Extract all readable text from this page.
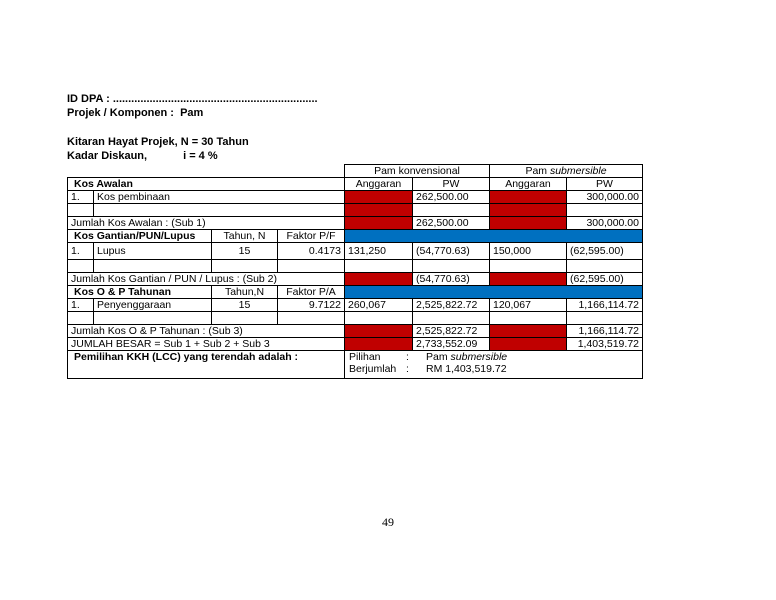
ID DPA : ...................................................................
Projek / Komponen :  Pam
Kitaran Hayat Projek, N = 30 Tahun
Kadar Diskaun,	i = 4 %
				Pam konvensional		Pam submersible	
Kos Awalan				Anggaran	PW	Anggaran	PW
1.	Kos pembinaan				262,500.00		300,000.00

Jumlah Kos Awalan : (Sub 1)					262,500.00		300,000.00
Kos Gantian/PUN/Lupus		Tahun, N	Faktor P/F				
1.	Lupus	15	0.4173	131,250	(54,770.63)	150,000	(62,595.00)

Jumlah Kos Gantian / PUN / Lupus : (Sub 2)					(54,770.63)		(62,595.00)
Kos O & P Tahunan		Tahun,N	Faktor P/A				
1.	Penyenggaraan	15	9.7122	260,067	2,525,822.72	120,067	1,166,114.72

Jumlah Kos O & P Tahunan : (Sub 3)					2,525,822.72		1,166,114.72
JUMLAH BESAR = Sub 1 + Sub 2 + Sub 3					2,733,552.09		1,403,519.72
Pemilihan KKH (LCC) yang terendah adalah :				Pilihan : Pam submersible
Berjumlah : RM 1,403,519.72			
49
